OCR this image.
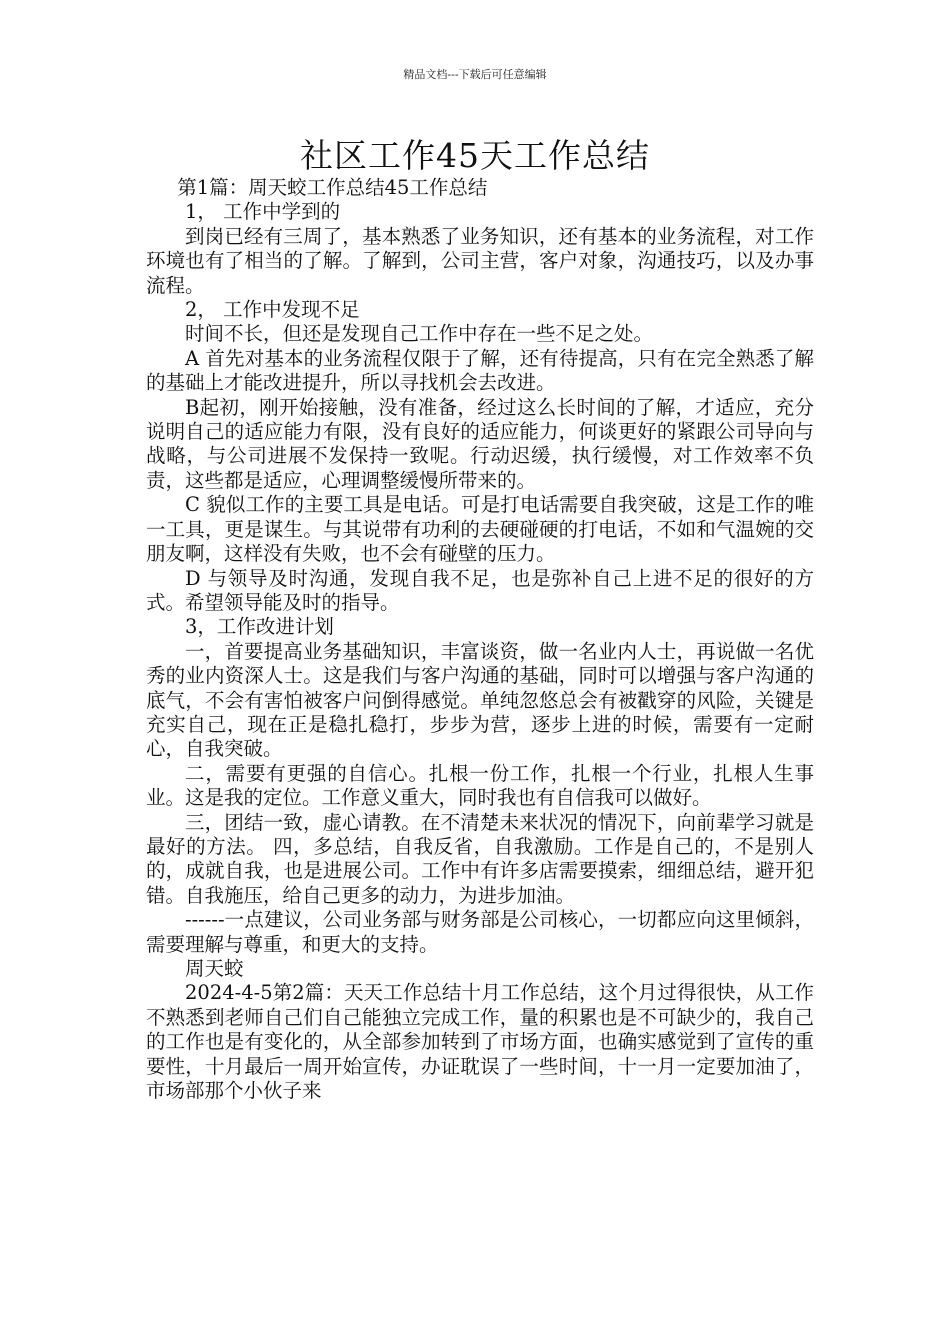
精品文档---下载后可任意编辑
社区工作45天工作总结

第1篇：周天蛟工作总结45工作总结

1， 工作中学到的

到岗已经有三周了，基本熟悉了业务知识，还有基本的业务流程，对工作环境也有了相当的了解。了解到，公司主营，客户对象，沟通技巧，以及办事流程。

2， 工作中发现不足

时间不长，但还是发现自己工作中存在一些不足之处。

A 首先对基本的业务流程仅限于了解，还有待提高，只有在完全熟悉了解的基础上才能改进提升，所以寻找机会去改进。

B起初，刚开始接触，没有准备，经过这么长时间的了解，才适应，充分说明自己的适应能力有限，没有良好的适应能力，何谈更好的紧跟公司导向与战略，与公司进展不发保持一致呢。行动迟缓，执行缓慢，对工作效率不负责，这些都是适应，心理调整缓慢所带来的。

C 貌似工作的主要工具是电话。可是打电话需要自我突破，这是工作的唯一工具，更是谋生。与其说带有功利的去硬碰硬的打电话，不如和气温婉的交朋友啊，这样没有失败，也不会有碰壁的压力。

D 与领导及时沟通，发现自我不足，也是弥补自己上进不足的很好的方式。希望领导能及时的指导。

3，工作改进计划

一，首要提高业务基础知识，丰富谈资，做一名业内人士，再说做一名优秀的业内资深人士。这是我们与客户沟通的基础，同时可以增强与客户沟通的底气，不会有害怕被客户问倒得感觉。单纯忽悠总会有被戳穿的风险，关键是充实自己，现在正是稳扎稳打，步步为营，逐步上进的时候，需要有一定耐心，自我突破。

二，需要有更强的自信心。扎根一份工作，扎根一个行业，扎根人生事业。这是我的定位。工作意义重大，同时我也有自信我可以做好。

三，团结一致，虚心请教。在不清楚未来状况的情况下，向前辈学习就是最好的方法。 四，多总结，自我反省，自我激励。工作是自己的，不是别人的，成就自我，也是进展公司。工作中有许多店需要摸索，细细总结，避开犯错。自我施压，给自己更多的动力，为进步加油。

------一点建议，公司业务部与财务部是公司核心，一切都应向这里倾斜，需要理解与尊重，和更大的支持。

周天蛟

2024-4-5第2篇：天天工作总结十月工作总结，这个月过得很快，从工作不熟悉到老师自己们自己能独立完成工作，量的积累也是不可缺少的，我自己的工作也是有变化的，从全部参加转到了市场方面，也确实感觉到了宣传的重要性，十月最后一周开始宣传，办证耽误了一些时间，十一月一定要加油了，市场部那个小伙子来
